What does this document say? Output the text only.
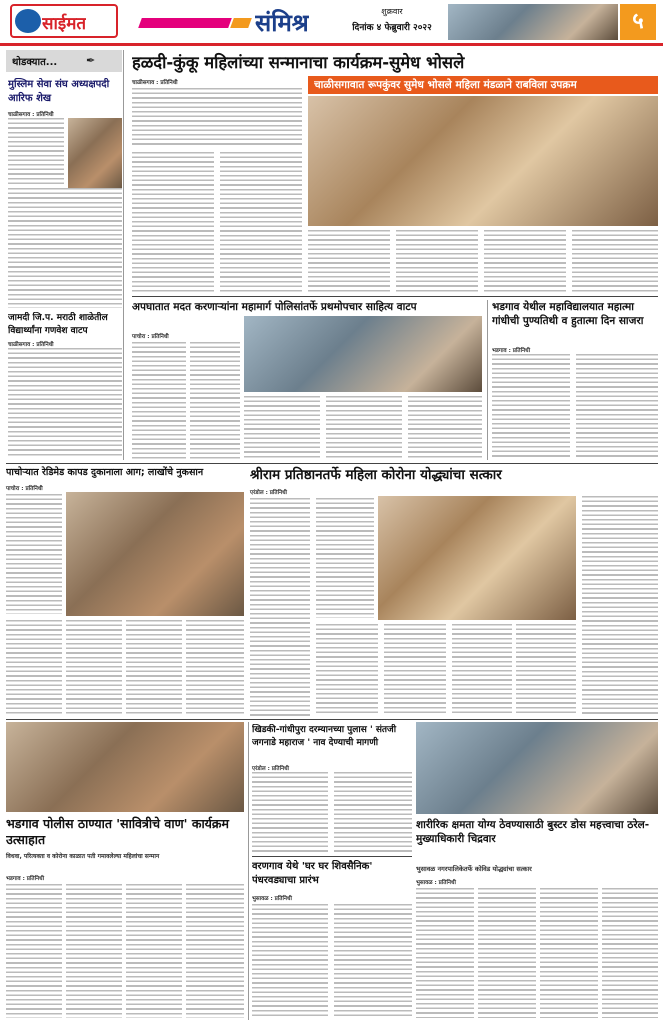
साईमत	संमिश्र	शुक्रवार
दिनांक ४ फेब्रुवारी २०२२	५
थोडक्यात...	✒
मुस्लिम सेवा संघ अध्यक्षपदी आरिफ शेख
चाळीसगाव : प्रतिनिधी
जामदी जि.प. मराठी शाळेतील विद्यार्थ्यांना गणवेश वाटप
चाळीसगाव : प्रतिनिधी
हळदी-कुंकू महिलांच्या सन्मानाचा कार्यक्रम-सुमेध भोसले
चाळीसगाव : प्रतिनिधी	चाळीसगावात रूपकुंवर सुमेध भोसले महिला मंडळाने राबविला उपक्रम
अपघातात मदत करणाऱ्यांना महामार्ग पोलिसांतर्फे प्रथमोपचार साहित्य वाटप
पाचोरा : प्रतिनिधी
भडगाव येथील महाविद्यालयात महात्मा गांधीची पुण्यतिथी व हुतात्मा दिन साजरा
भडगाव : प्रतिनिधी
पाचोऱ्यात रेडिमेड कापड दुकानाला आग; लाखोंचे नुकसान
पाचोरा : प्रतिनिधी
श्रीराम प्रतिष्ठानतर्फे महिला कोरोना योद्ध्यांचा सत्कार
एरंडोल : प्रतिनिधी
भडगाव पोलीस ठाण्यात 'सावित्रीचे वाण' कार्यक्रम उत्साहात
विधवा, परित्यक्ता व कोरोना काळात पती गमावलेल्या महिलांचा सन्मान
भडगाव : प्रतिनिधी
खिडकी-गांधीपुरा दरम्यानच्या पुलास ' संतजी जगनाडे महाराज ' नाव देण्याची मागणी
एरंडोल : प्रतिनिधी
वरणगाव येथे 'घर घर शिवसैनिक' पंधरवड्याचा प्रारंभ
भुसावळ : प्रतिनिधी
शारीरिक क्षमता योग्य ठेवण्यासाठी बुस्टर डोस महत्त्वाचा ठरेल-मुख्याधिकारी चिद्रवार
भुसावळ नगरपालिकेतर्फे कोविड योद्ध्यांचा सत्कार
भुसावळ : प्रतिनिधी
